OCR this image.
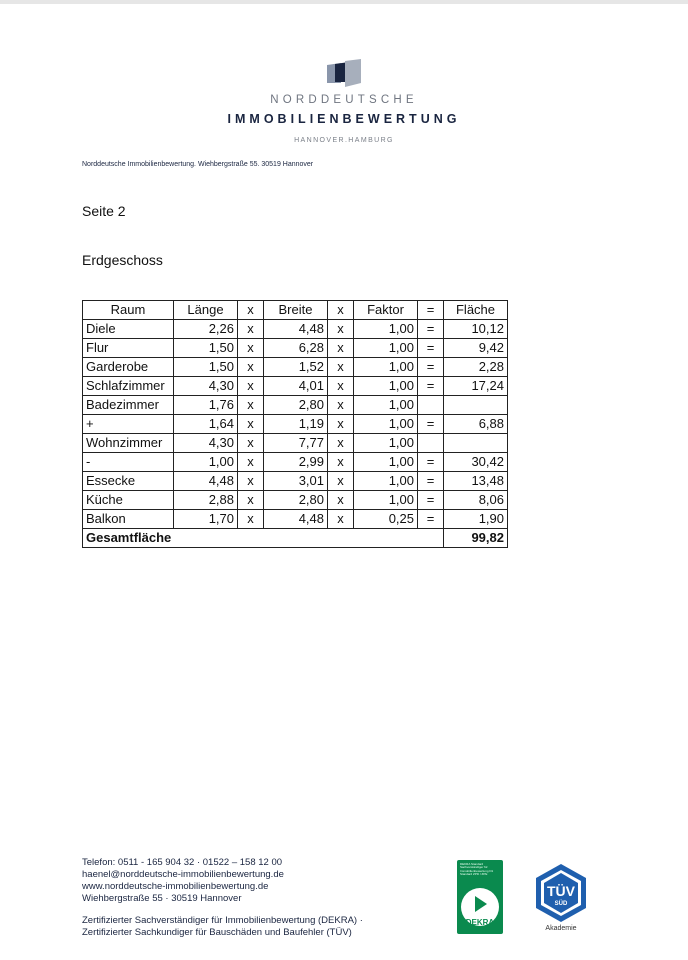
NORDDEUTSCHE
IMMOBILIENBEWERTUNG
HANNOVER.HAMBURG
Norddeutsche Immobilienbewertung. Wiehbergstraße 55. 30519 Hannover
Seite 2
Erdgeschoss
Raum	Länge	x	Breite	x	Faktor	=	Fläche
Diele	2,26	x	4,48	x	1,00	=	10,12
Flur	1,50	x	6,28	x	1,00	=	9,42
Garderobe	1,50	x	1,52	x	1,00	=	2,28
Schlafzimmer	4,30	x	4,01	x	1,00	=	17,24
Badezimmer	1,76	x	2,80	x	1,00		
+	1,64	x	1,19	x	1,00	=	6,88
Wohnzimmer	4,30	x	7,77	x	1,00		
-	1,00	x	2,99	x	1,00	=	30,42
Essecke	4,48	x	3,01	x	1,00	=	13,48
Küche	2,88	x	2,80	x	1,00	=	8,06
Balkon	1,70	x	4,48	x	0,25	=	1,90
Gesamtfläche							99,82
Telefon: 0511 - 165 904 32 · 01522 – 158 12 00
haenel@norddeutsche-immobilienbewertung.de
www.norddeutsche-immobilienbewertung.de
Wiehbergstraße 55 · 30519 Hannover
Zertifizierter Sachverständiger für Immobilienbewertung (DEKRA) ·
Zertifizierter Sachkundiger für Bauschäden und Baufehler (TÜV)
DEKRA Standard Sachverständiger für Immobilienbewertung D1 Standard ZPD / ZPE
DEKRA
TÜV
SÜD
Akademie
